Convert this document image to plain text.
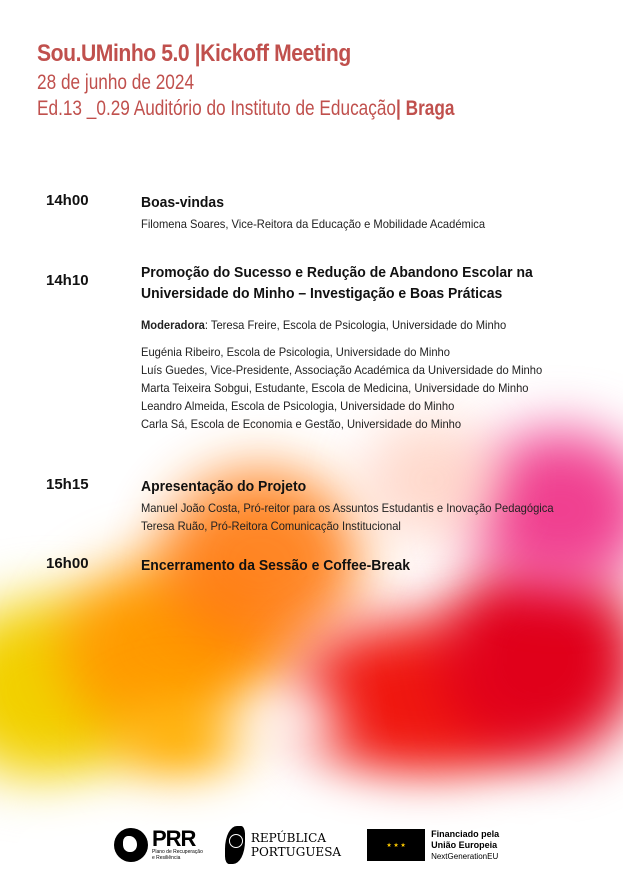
Sou.UMinho 5.0 |Kickoff Meeting
28 de junho de 2024
Ed.13 _0.29 Auditório do Instituto de Educação| Braga
14h00	Boas-vindas
Filomena Soares, Vice-Reitora da Educação e Mobilidade Académica
14h10	Promoção do Sucesso e Redução de Abandono Escolar na
Universidade do Minho – Investigação e Boas Práticas
Moderadora: Teresa Freire, Escola de Psicologia, Universidade do Minho
Eugénia Ribeiro, Escola de Psicologia, Universidade do Minho
Luís Guedes, Vice-Presidente, Associação Académica da Universidade do Minho
Marta Teixeira Sobgui, Estudante, Escola de Medicina, Universidade do Minho
Leandro Almeida, Escola de Psicologia, Universidade do Minho
Carla Sá, Escola de Economia e Gestão, Universidade do Minho
15h15	Apresentação do Projeto
Manuel João Costa, Pró-reitor para os Assuntos Estudantis e Inovação Pedagógica
Teresa Ruão, Pró-Reitora Comunicação Institucional
16h00	Encerramento da Sessão e Coffee-Break
PRR
Plano de Recuperação
e Resiliência
REPÚBLICA
PORTUGUESA	★ ★ ★
Financiado pela
União Europeia
NextGenerationEU
